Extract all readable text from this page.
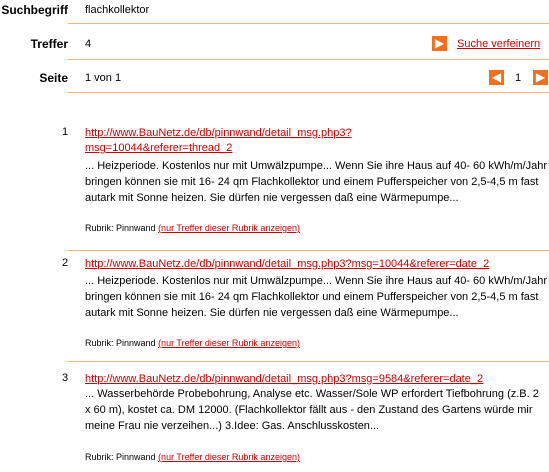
Suchbegriff flachkollektor
Treffer 4	▶ Suche verfeinern
Seite 1 von 1	◀ 1 ▶
1 http://www.BauNetz.de/db/pinnwand/detail_msg.php3?
msg=10044&referer=thread_2
... Heizperiode. Kostenlos nur mit Umwälzpumpe... Wenn Sie ihre Haus auf 40- 60 kWh/m/Jahr bringen können sie mit 16- 24 qm Flachkollektor und einem Pufferspeicher von 2,5-4,5 m fast autark mit Sonne heizen. Sie dürfen nie vergessen daß eine Wärmepumpe...
Rubrik: Pinnwand (nur Treffer dieser Rubrik anzeigen)
2 http://www.BauNetz.de/db/pinnwand/detail_msg.php3?msg=10044&referer=date_2
... Heizperiode. Kostenlos nur mit Umwälzpumpe... Wenn Sie ihre Haus auf 40- 60 kWh/m/Jahr bringen können sie mit 16- 24 qm Flachkollektor und einem Pufferspeicher von 2,5-4,5 m fast autark mit Sonne heizen. Sie dürfen nie vergessen daß eine Wärmepumpe...
Rubrik: Pinnwand (nur Treffer dieser Rubrik anzeigen)
3 http://www.BauNetz.de/db/pinnwand/detail_msg.php3?msg=9584&referer=date_2
... Wasserbehörde Probebohrung, Analyse etc. Wasser/Sole WP erfordert Tiefbohrung (z.B. 2 x 60 m), kostet ca. DM 12000. (Flachkollektor fällt aus - den Zustand des Gartens würde mir meine Frau nie verzeihen...) 3.Idee: Gas. Anschlusskosten...
Rubrik: Pinnwand (nur Treffer dieser Rubrik anzeigen)
